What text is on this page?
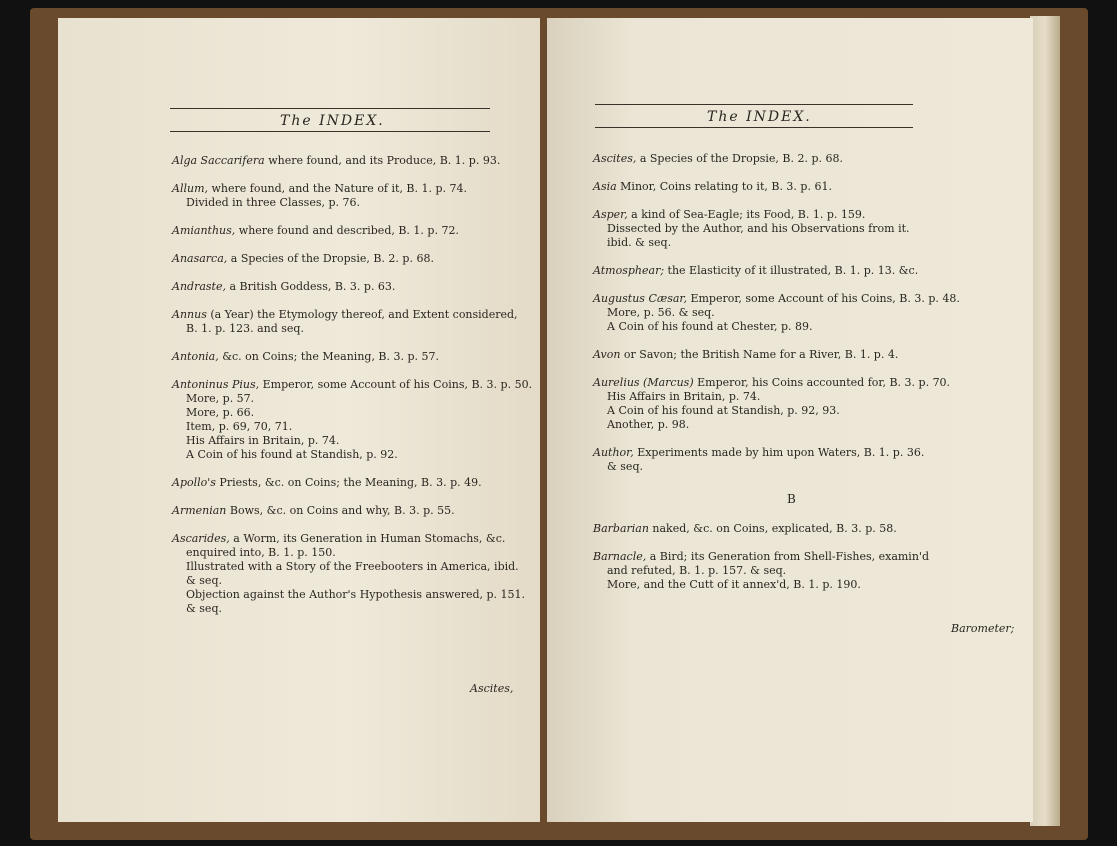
The INDEX.
Alga Saccarifera where found, and its Produce, B. 1. p. 93.
Allum, where found, and the Nature of it, B. 1. p. 74.
Divided in three Classes, p. 76.
Amianthus, where found and described, B. 1. p. 72.
Anasarca, a Species of the Dropsie, B. 2. p. 68.
Andraste, a British Goddess, B. 3. p. 63.
Annus (a Year) the Etymology thereof, and Extent considered,
B. 1. p. 123. and seq.
Antonia, &c. on Coins; the Meaning, B. 3. p. 57.
Antoninus Pius, Emperor, some Account of his Coins, B. 3. p. 50.
More, p. 57.
More, p. 66.
Item, p. 69, 70, 71.
His Affairs in Britain, p. 74.
A Coin of his found at Standish, p. 92.
Apollo's Priests, &c. on Coins; the Meaning, B. 3. p. 49.
Armenian Bows, &c. on Coins and why, B. 3. p. 55.
Ascarides, a Worm, its Generation in Human Stomachs, &c.
enquired into, B. 1. p. 150.
Illustrated with a Story of the Freebooters in America, ibid.
& seq.
Objection against the Author's Hypothesis answered, p. 151.
& seq.
Ascites,
The INDEX.
Ascites, a Species of the Dropsie, B. 2. p. 68.
Asia Minor, Coins relating to it, B. 3. p. 61.
Asper, a kind of Sea-Eagle; its Food, B. 1. p. 159.
Dissected by the Author, and his Observations from it.
ibid. & seq.
Atmosphear; the Elasticity of it illustrated, B. 1. p. 13. &c.
Augustus Cæsar, Emperor, some Account of his Coins, B. 3. p. 48.
More, p. 56. & seq.
A Coin of his found at Chester, p. 89.
Avon or Savon; the British Name for a River, B. 1. p. 4.
Aurelius (Marcus) Emperor, his Coins accounted for, B. 3. p. 70.
His Affairs in Britain, p. 74.
A Coin of his found at Standish, p. 92, 93.
Another, p. 98.
Author, Experiments made by him upon Waters, B. 1. p. 36.
& seq.
B
Barbarian naked, &c. on Coins, explicated, B. 3. p. 58.
Barnacle, a Bird; its Generation from Shell-Fishes, examin'd
and refuted, B. 1. p. 157. & seq.
More, and the Cutt of it annex'd, B. 1. p. 190.
Barometer;
